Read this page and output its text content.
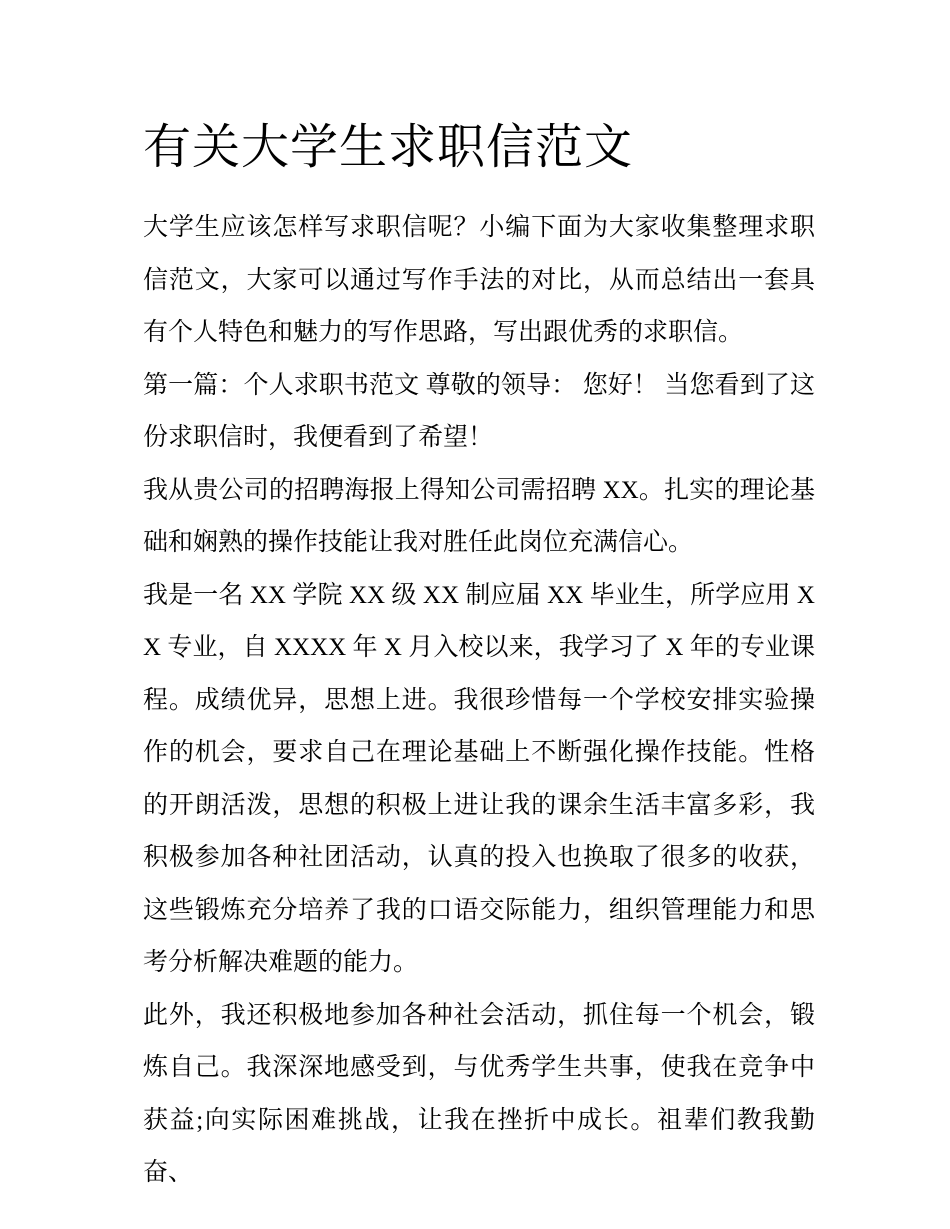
有关大学生求职信范文

大学生应该怎样写求职信呢？小编下面为大家收集整理求职信范文，大家可以通过写作手法的对比，从而总结出一套具有个人特色和魅力的写作思路，写出跟优秀的求职信。

第一篇：个人求职书范文 尊敬的领导： 您好！ 当您看到了这份求职信时，我便看到了希望！

我从贵公司的招聘海报上得知公司需招聘 XX。扎实的理论基础和娴熟的操作技能让我对胜任此岗位充满信心。

我是一名 XX 学院 XX 级 XX 制应届 XX 毕业生，所学应用 XX 专业，自 XXXX 年 X 月入校以来，我学习了 X 年的专业课程。成绩优异，思想上进。我很珍惜每一个学校安排实验操作的机会，要求自己在理论基础上不断强化操作技能。性格的开朗活泼，思想的积极上进让我的课余生活丰富多彩，我积极参加各种社团活动，认真的投入也换取了很多的收获，这些锻炼充分培养了我的口语交际能力，组织管理能力和思考分析解决难题的能力。

此外，我还积极地参加各种社会活动，抓住每一个机会，锻炼自己。我深深地感受到，与优秀学生共事，使我在竞争中获益;向实际困难挑战，让我在挫折中成长。祖辈们教我勤奋、
